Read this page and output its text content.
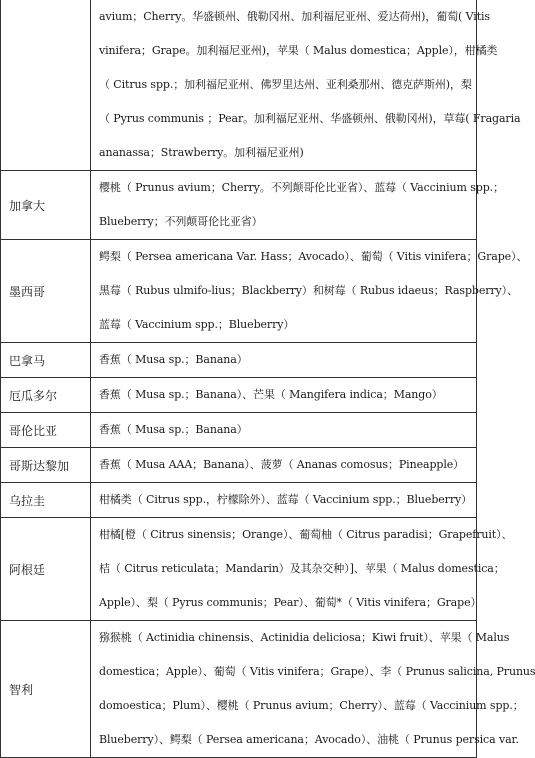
	avium；Cherry。华盛顿州、俄勒冈州、加利福尼亚州、爱达荷州)，葡萄( Vitis
vinifera；Grape。加利福尼亚州)，苹果（ Malus domestica；Apple），柑橘类
（ Citrus spp.；加利福尼亚州、佛罗里达州、亚利桑那州、德克萨斯州)，梨
（ Pyrus communis ；Pear。加利福尼亚州、华盛顿州、俄勒冈州)，草莓( Fragaria
ananassa；Strawberry。加利福尼亚州)

加拿大	樱桃（ Prunus avium；Cherry。不列颠哥伦比亚省）、蓝莓（ Vaccinium spp.；
Blueberry；不列颠哥伦比亚省）

墨西哥	鳄梨（ Persea americana Var. Hass；Avocado）、葡萄（ Vitis vinifera；Grape）、
黑莓（ Rubus ulmifo-lius；Blackberry）和树莓（ Rubus idaeus；Raspberry）、
蓝莓（ Vaccinium spp.；Blueberry）

巴拿马	香蕉（ Musa sp.；Banana）

厄瓜多尔	香蕉（ Musa sp.；Banana）、芒果（ Mangifera indica；Mango）

哥伦比亚	香蕉（ Musa sp.；Banana）

哥斯达黎加	香蕉（ Musa AAA；Banana）、菠萝（ Ananas comosus；Pineapple）

乌拉圭	柑橘类（ Citrus spp.，柠檬除外）、蓝莓（ Vaccinium spp.；Blueberry）

阿根廷	柑橘[橙（ Citrus sinensis；Orange）、葡萄柚（ Citrus paradisi；Grapefruit）、
桔（ Citrus reticulata；Mandarin）及其杂交种）]、苹果（ Malus domestica；
Apple）、梨（ Pyrus communis；Pear）、葡萄*（ Vitis vinifera；Grape）

智利	猕猴桃（ Actinidia chinensis、Actinidia deliciosa；Kiwi fruit）、苹果（ Malus
domestica；Apple）、葡萄（ Vitis vinifera；Grape）、李（ Prunus salicina, Prunus
domoestica；Plum）、樱桃（ Prunus avium；Cherry）、蓝莓（ Vaccinium spp.；
Blueberry）、鳄梨（ Persea americana；Avocado）、油桃（ Prunus persica var.
